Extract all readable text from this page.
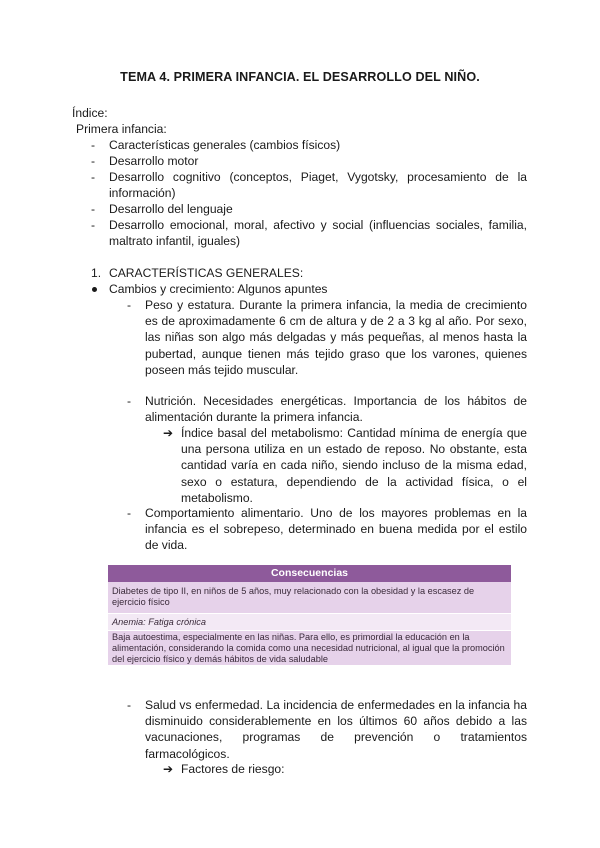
TEMA 4. PRIMERA INFANCIA. EL DESARROLLO DEL NIÑO.
Índice:
Primera infancia:
- Características generales (cambios físicos)
- Desarrollo motor
- Desarrollo cognitivo (conceptos, Piaget, Vygotsky, procesamiento de la información)
- Desarrollo del lenguaje
- Desarrollo emocional, moral, afectivo y social (influencias sociales, familia, maltrato infantil, iguales)
1. CARACTERÍSTICAS GENERALES:
Cambios y crecimiento: Algunos apuntes
- Peso y estatura. Durante la primera infancia, la media de crecimiento es de aproximadamente 6 cm de altura y de 2 a 3 kg al año. Por sexo, las niñas son algo más delgadas y más pequeñas, al menos hasta la pubertad, aunque tienen más tejido graso que los varones, quienes poseen más tejido muscular.
- Nutrición. Necesidades energéticas. Importancia de los hábitos de alimentación durante la primera infancia.
➔ Índice basal del metabolismo: Cantidad mínima de energía que una persona utiliza en un estado de reposo. No obstante, esta cantidad varía en cada niño, siendo incluso de la misma edad, sexo o estatura, dependiendo de la actividad física, o el metabolismo.
- Comportamiento alimentario. Uno de los mayores problemas en la infancia es el sobrepeso, determinado en buena medida por el estilo de vida.
Consecuencias
Diabetes de tipo II, en niños de 5 años, muy relacionado con la obesidad y la escasez de ejercicio físico
Anemia: Fatiga crónica
Baja autoestima, especialmente en las niñas. Para ello, es primordial la educación en la alimentación, considerando la comida como una necesidad nutricional, al igual que la promoción del ejercicio físico y demás hábitos de vida saludable
- Salud vs enfermedad. La incidencia de enfermedades en la infancia ha disminuido considerablemente en los últimos 60 años debido a las vacunaciones, programas de prevención o tratamientos farmacológicos.
➔ Factores de riesgo:
